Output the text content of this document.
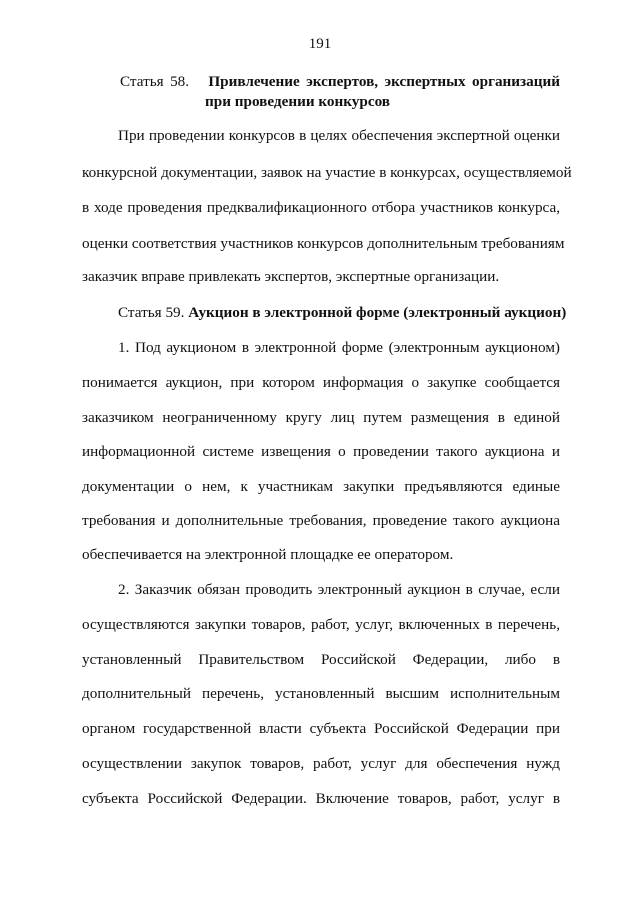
191
Статья 58. Привлечение экспертов, экспертных организаций
при проведении конкурсов
При проведении конкурсов в целях обеспечения экспертной оценки
конкурсной документации, заявок на участие в конкурсах, осуществляемой
в ходе проведения предквалификационного отбора участников конкурса,
оценки соответствия участников конкурсов дополнительным требованиям
заказчик вправе привлекать экспертов, экспертные организации.
Статья 59. Аукцион в электронной форме (электронный аукцион)
1. Под аукционом в электронной форме (электронным аукционом)
понимается аукцион, при котором информация о закупке сообщается
заказчиком неограниченному кругу лиц путем размещения в единой
информационной системе извещения о проведении такого аукциона и
документации о нем, к участникам закупки предъявляются единые
требования и дополнительные требования, проведение такого аукциона
обеспечивается на электронной площадке ее оператором.
2. Заказчик обязан проводить электронный аукцион в случае, если
осуществляются закупки товаров, работ, услуг, включенных в перечень,
установленный Правительством Российской Федерации, либо в
дополнительный перечень, установленный высшим исполнительным
органом государственной власти субъекта Российской Федерации при
осуществлении закупок товаров, работ, услуг для обеспечения нужд
субъекта Российской Федерации. Включение товаров, работ, услуг в
